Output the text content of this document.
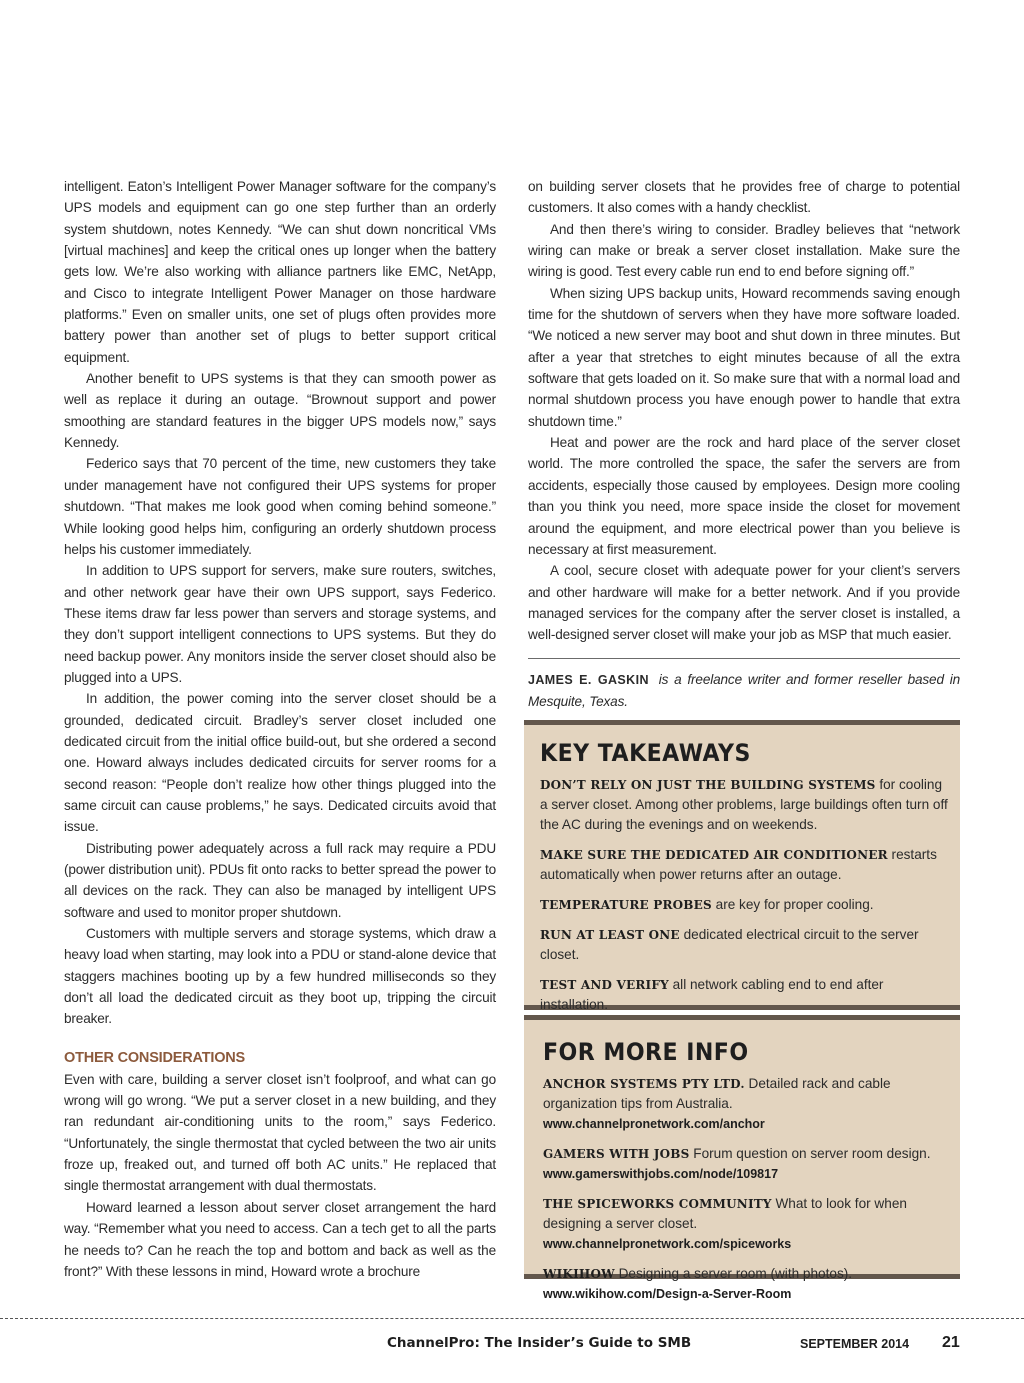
intelligent. Eaton’s Intelligent Power Manager software for the company’s UPS models and equipment can go one step further than an orderly system shutdown, notes Kennedy. “We can shut down noncritical VMs [virtual machines] and keep the critical ones up longer when the battery gets low. We’re also working with alliance partners like EMC, NetApp, and Cisco to integrate Intelligent Power Manager on those hardware platforms.” Even on smaller units, one set of plugs often provides more battery power than another set of plugs to better support critical equipment.

Another benefit to UPS systems is that they can smooth power as well as replace it during an outage. “Brownout support and power smoothing are standard features in the bigger UPS models now,” says Kennedy.

Federico says that 70 percent of the time, new customers they take under management have not configured their UPS systems for proper shutdown. “That makes me look good when coming behind someone.” While looking good helps him, configuring an orderly shutdown process helps his customer immediately.

In addition to UPS support for servers, make sure routers, switches, and other network gear have their own UPS support, says Federico. These items draw far less power than servers and storage systems, and they don’t support intelligent connections to UPS systems. But they do need backup power. Any monitors inside the server closet should also be plugged into a UPS.

In addition, the power coming into the server closet should be a grounded, dedicated circuit. Bradley’s server closet included one dedicated circuit from the initial office build-out, but she ordered a second one. Howard always includes dedicated circuits for server rooms for a second reason: “People don’t realize how other things plugged into the same circuit can cause problems,” he says. Dedicated circuits avoid that issue.

Distributing power adequately across a full rack may require a PDU (power distribution unit). PDUs fit onto racks to better spread the power to all devices on the rack. They can also be managed by intelligent UPS software and used to monitor proper shutdown.

Customers with multiple servers and storage systems, which draw a heavy load when starting, may look into a PDU or stand-alone device that staggers machines booting up by a few hundred milliseconds so they don’t all load the dedicated circuit as they boot up, tripping the circuit breaker.

OTHER CONSIDERATIONS

Even with care, building a server closet isn’t foolproof, and what can go wrong will go wrong. “We put a server closet in a new building, and they ran redundant air-conditioning units to the room,” says Federico. “Unfortunately, the single thermostat that cycled between the two air units froze up, freaked out, and turned off both AC units.” He replaced that single thermostat arrangement with dual thermostats.

Howard learned a lesson about server closet arrangement the hard way. “Remember what you need to access. Can a tech get to all the parts he needs to? Can he reach the top and bottom and back as well as the front?” With these lessons in mind, Howard wrote a brochure

on building server closets that he provides free of charge to potential customers. It also comes with a handy checklist.

And then there’s wiring to consider. Bradley believes that “network wiring can make or break a server closet installation. Make sure the wiring is good. Test every cable run end to end before signing off.”

When sizing UPS backup units, Howard recommends saving enough time for the shutdown of servers when they have more software loaded. “We noticed a new server may boot and shut down in three minutes. But after a year that stretches to eight minutes because of all the extra software that gets loaded on it. So make sure that with a normal load and normal shutdown process you have enough power to handle that extra shutdown time.”

Heat and power are the rock and hard place of the server closet world. The more controlled the space, the safer the servers are from accidents, especially those caused by employees. Design more cooling than you think you need, more space inside the closet for movement around the equipment, and more electrical power than you believe is necessary at first measurement.

A cool, secure closet with adequate power for your client’s servers and other hardware will make for a better network. And if you provide managed services for the company after the server closet is installed, a well-designed server closet will make your job as MSP that much easier.

JAMES E. GASKIN is a freelance writer and former reseller based in Mesquite, Texas.

KEY TAKEAWAYS
DON’T RELY ON JUST THE BUILDING SYSTEMS for cooling a server closet. Among other problems, large buildings often turn off the AC during the evenings and on weekends.
MAKE SURE THE DEDICATED AIR CONDITIONER restarts automatically when power returns after an outage.
TEMPERATURE PROBES are key for proper cooling.
RUN AT LEAST ONE dedicated electrical circuit to the server closet.
TEST AND VERIFY all network cabling end to end after installation.
FOR MORE INFO
ANCHOR SYSTEMS PTY LTD. Detailed rack and cable organization tips from Australia. www.channelpronetwork.com/anchor
GAMERS WITH JOBS Forum question on server room design. www.gamerswithjobs.com/node/109817
THE SPICEWORKS COMMUNITY What to look for when designing a server closet. www.channelpronetwork.com/spiceworks
WIKIHOW Designing a server room (with photos). www.wikihow.com/Design-a-Server-Room
ChannelPro: The Insider’s Guide to SMB	SEPTEMBER 2014 21
